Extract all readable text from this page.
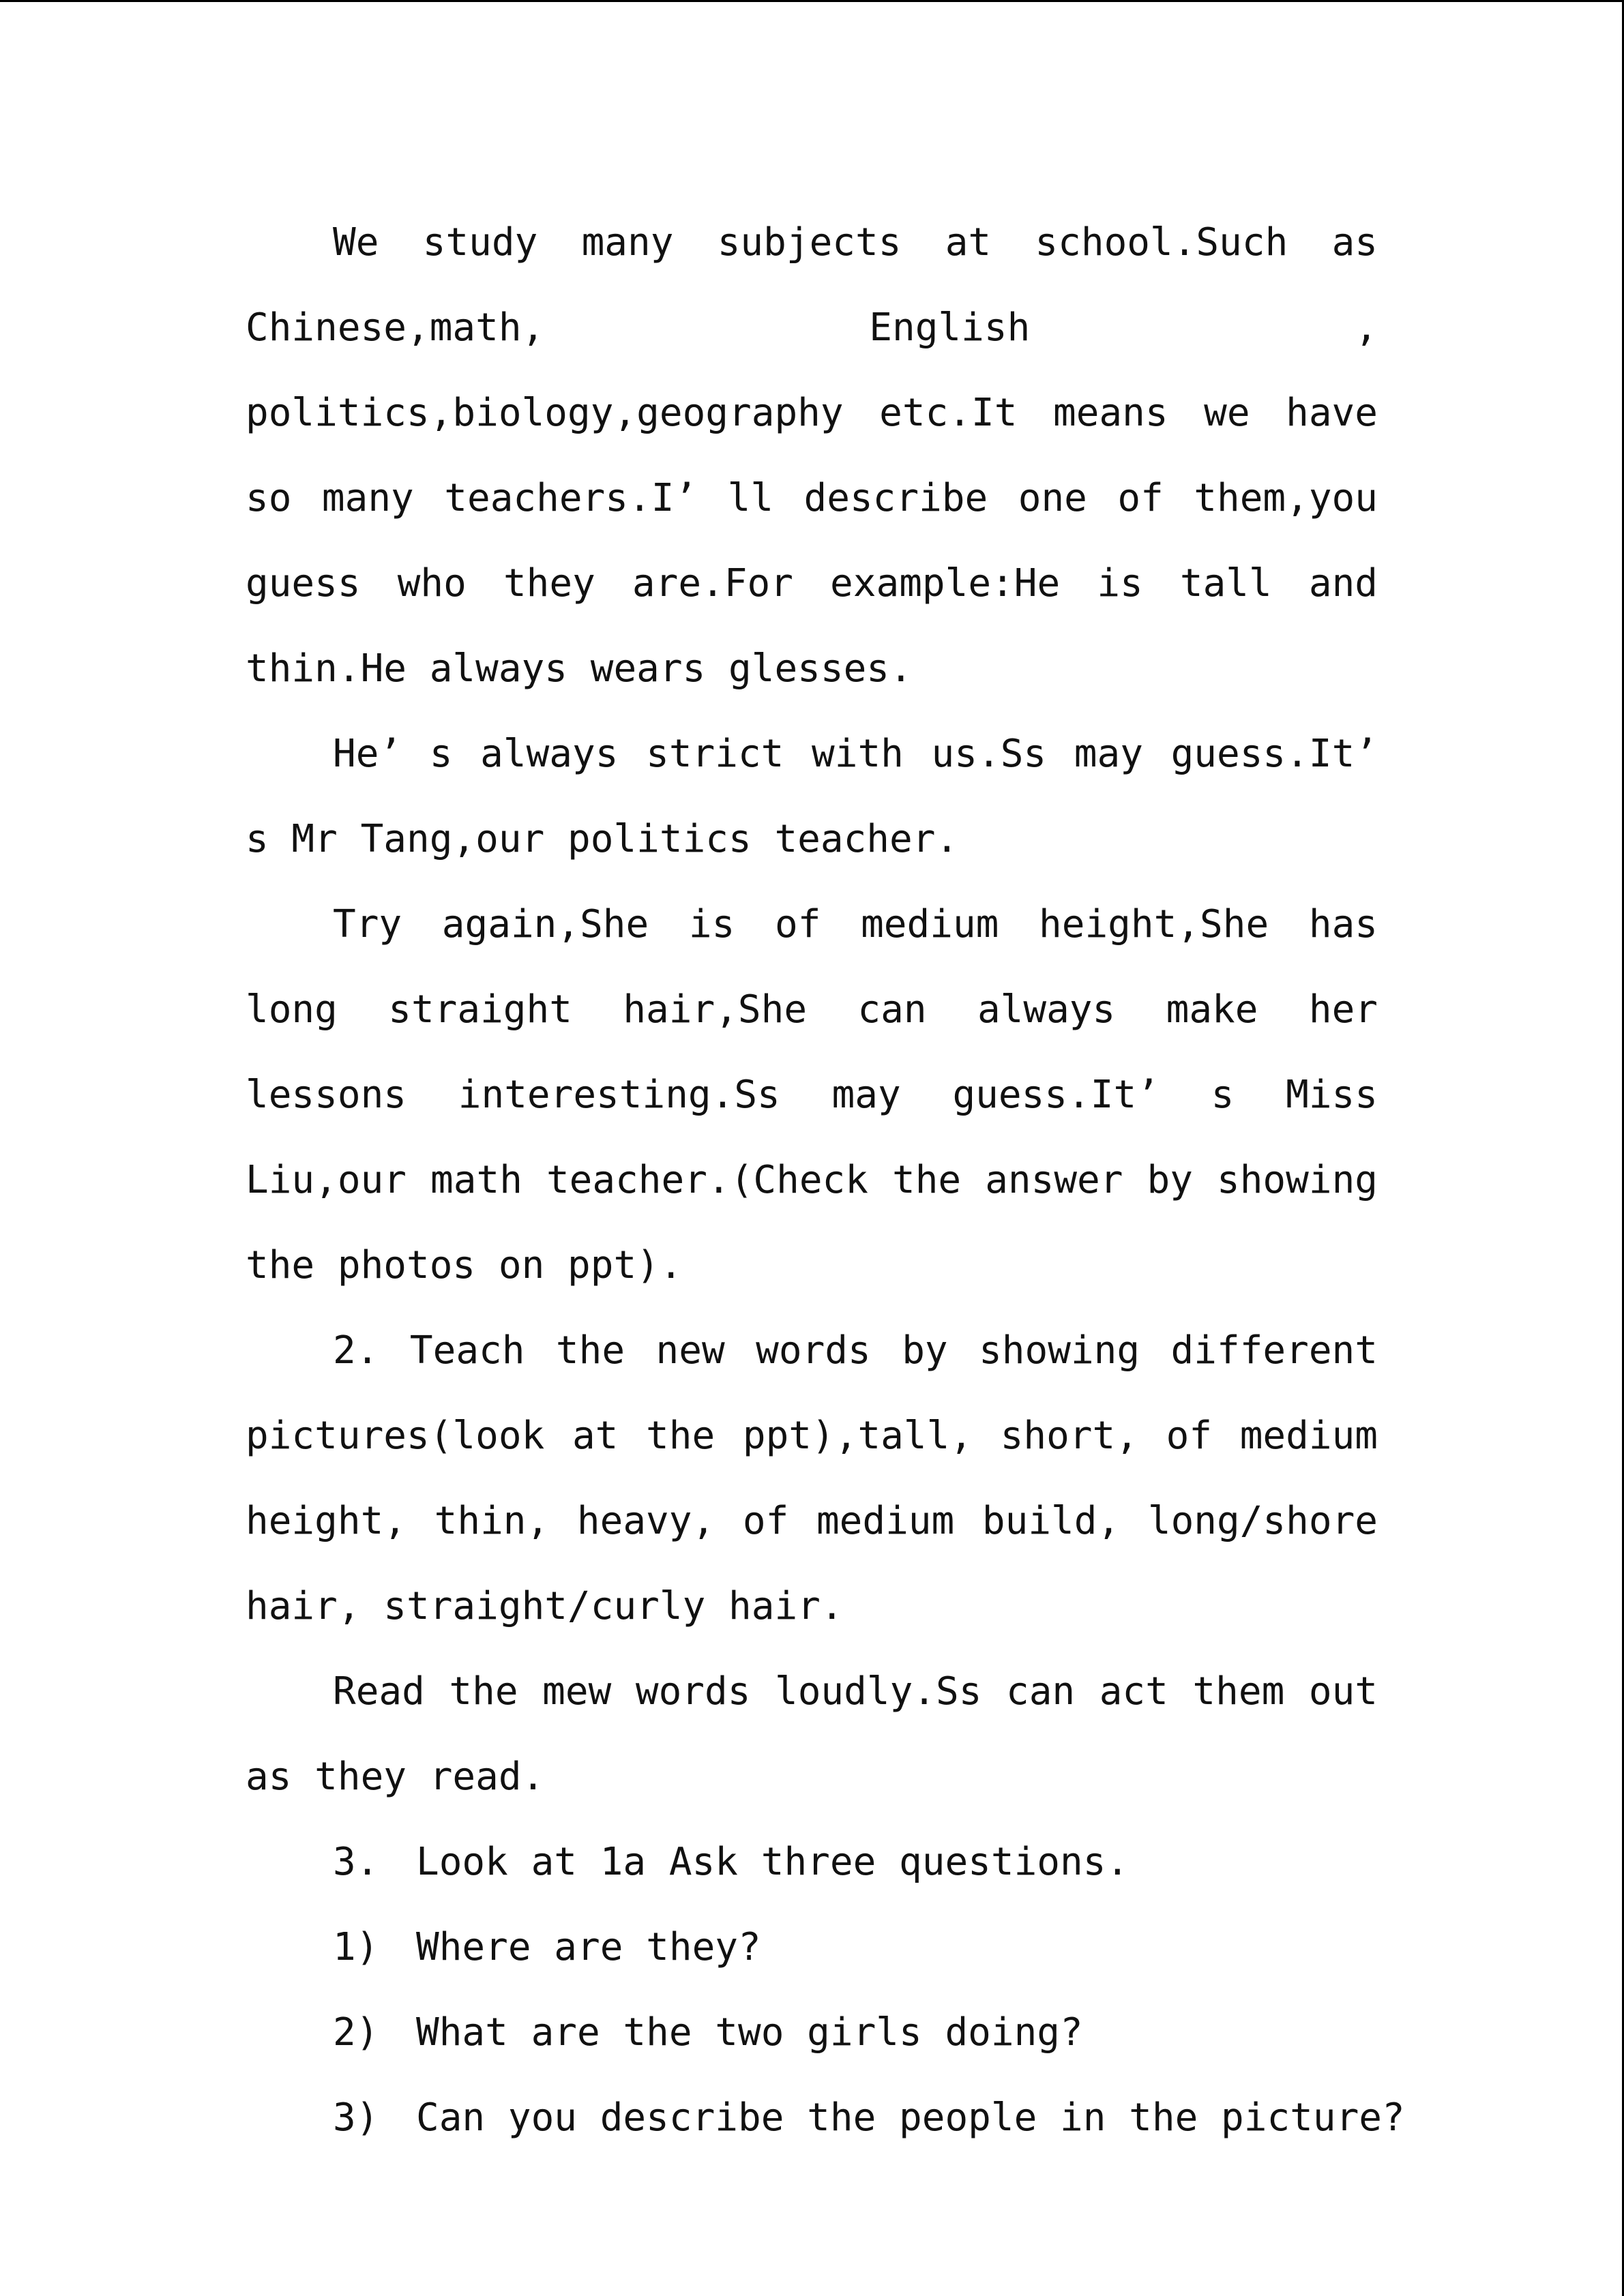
We study many subjects at school.Such as Chinese,math, English , politics,biology,geography etc.It means we have so many teachers.I’ ll describe one of them,you guess who they are.For example:He is tall and thin.He always wears glesses.

He’ s always strict with us.Ss may guess.It’ s Mr Tang,our politics teacher.

Try again,She is of medium height,She has long straight hair,She can always make her lessons interesting.Ss may guess.It’ s Miss Liu,our math teacher.(Check the answer by showing the photos on ppt).

2. Teach the new words by showing different pictures(look at the ppt),tall, short, of medium height, thin, heavy, of medium build, long/shore hair, straight/curly hair.

Read the mew words loudly.Ss can act them out as they read.

3. Look at 1a Ask three questions.

1) Where are they?

2) What are the two girls doing?

3) Can you describe the people in the picture?
